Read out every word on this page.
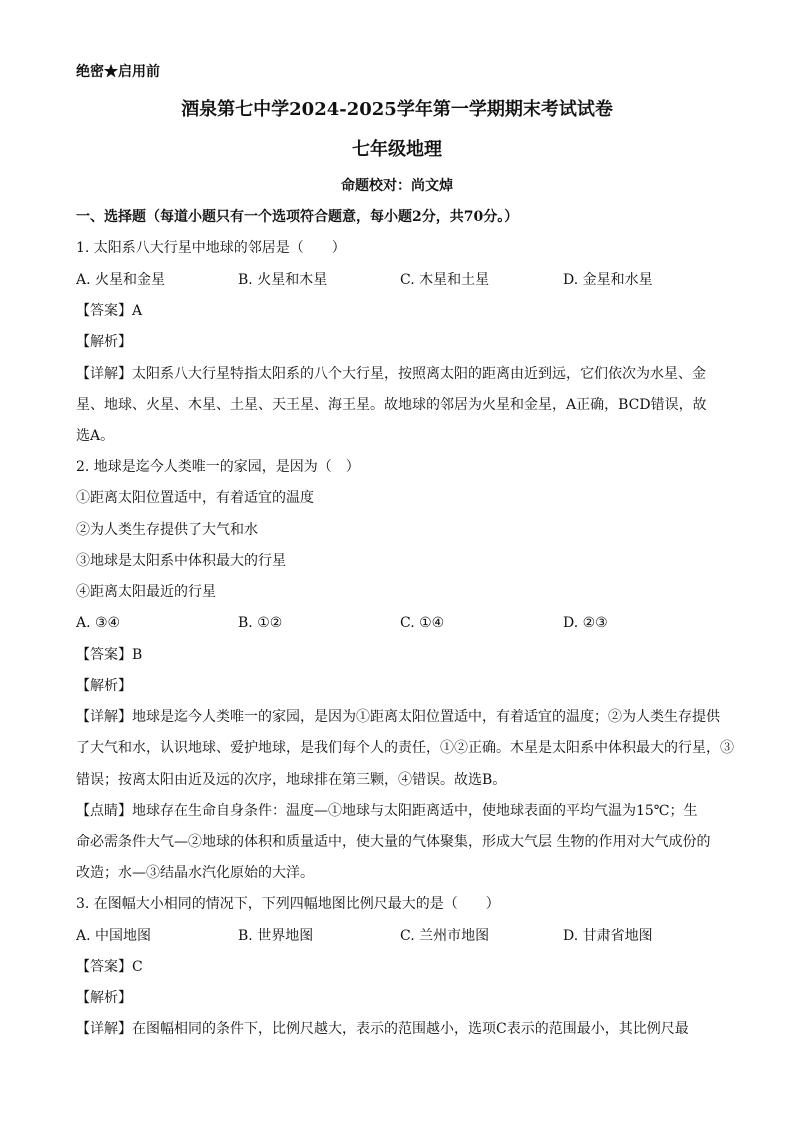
绝密★启用前
酒泉第七中学2024-2025学年第一学期期末考试试卷
七年级地理
命题校对：尚文焯
一、选择题（每道小题只有一个选项符合题意，每小题2分，共70分。）
1. 太阳系八大行星中地球的邻居是（　　）
A. 火星和金星	B. 火星和木星	C. 木星和土星	D. 金星和水星
【答案】A
【解析】
【详解】太阳系八大行星特指太阳系的八个大行星，按照离太阳的距离由近到远，它们依次为水星、金
星、地球、火星、木星、土星、天王星、海王星。故地球的邻居为火星和金星，A正确，BCD错误，故
选A。
2. 地球是迄今人类唯一的家园，是因为（　）
①距离太阳位置适中，有着适宜的温度
②为人类生存提供了大气和水
③地球是太阳系中体积最大的行星
④距离太阳最近的行星
A. ③④	B. ①②	C. ①④	D. ②③
【答案】B
【解析】
【详解】地球是迄今人类唯一的家园，是因为①距离太阳位置适中，有着适宜的温度；②为人类生存提供
了大气和水，认识地球、爱护地球，是我们每个人的责任，①②正确。木星是太阳系中体积最大的行星，③
错误；按离太阳由近及远的次序，地球排在第三颗，④错误。故选B。
【点睛】地球存在生命自身条件：温度—①地球与太阳距离适中，使地球表面的平均气温为15℃；生
命必需条件大气—②地球的体积和质量适中，使大量的气体聚集，形成大气层 生物的作用对大气成份的
改造；水—③结晶水汽化原始的大洋。
3. 在图幅大小相同的情况下，下列四幅地图比例尺最大的是（　　）
A. 中国地图	B. 世界地图	C. 兰州市地图	D. 甘肃省地图
【答案】C
【解析】
【详解】在图幅相同的条件下，比例尺越大，表示的范围越小，选项C表示的范围最小，其比例尺最
